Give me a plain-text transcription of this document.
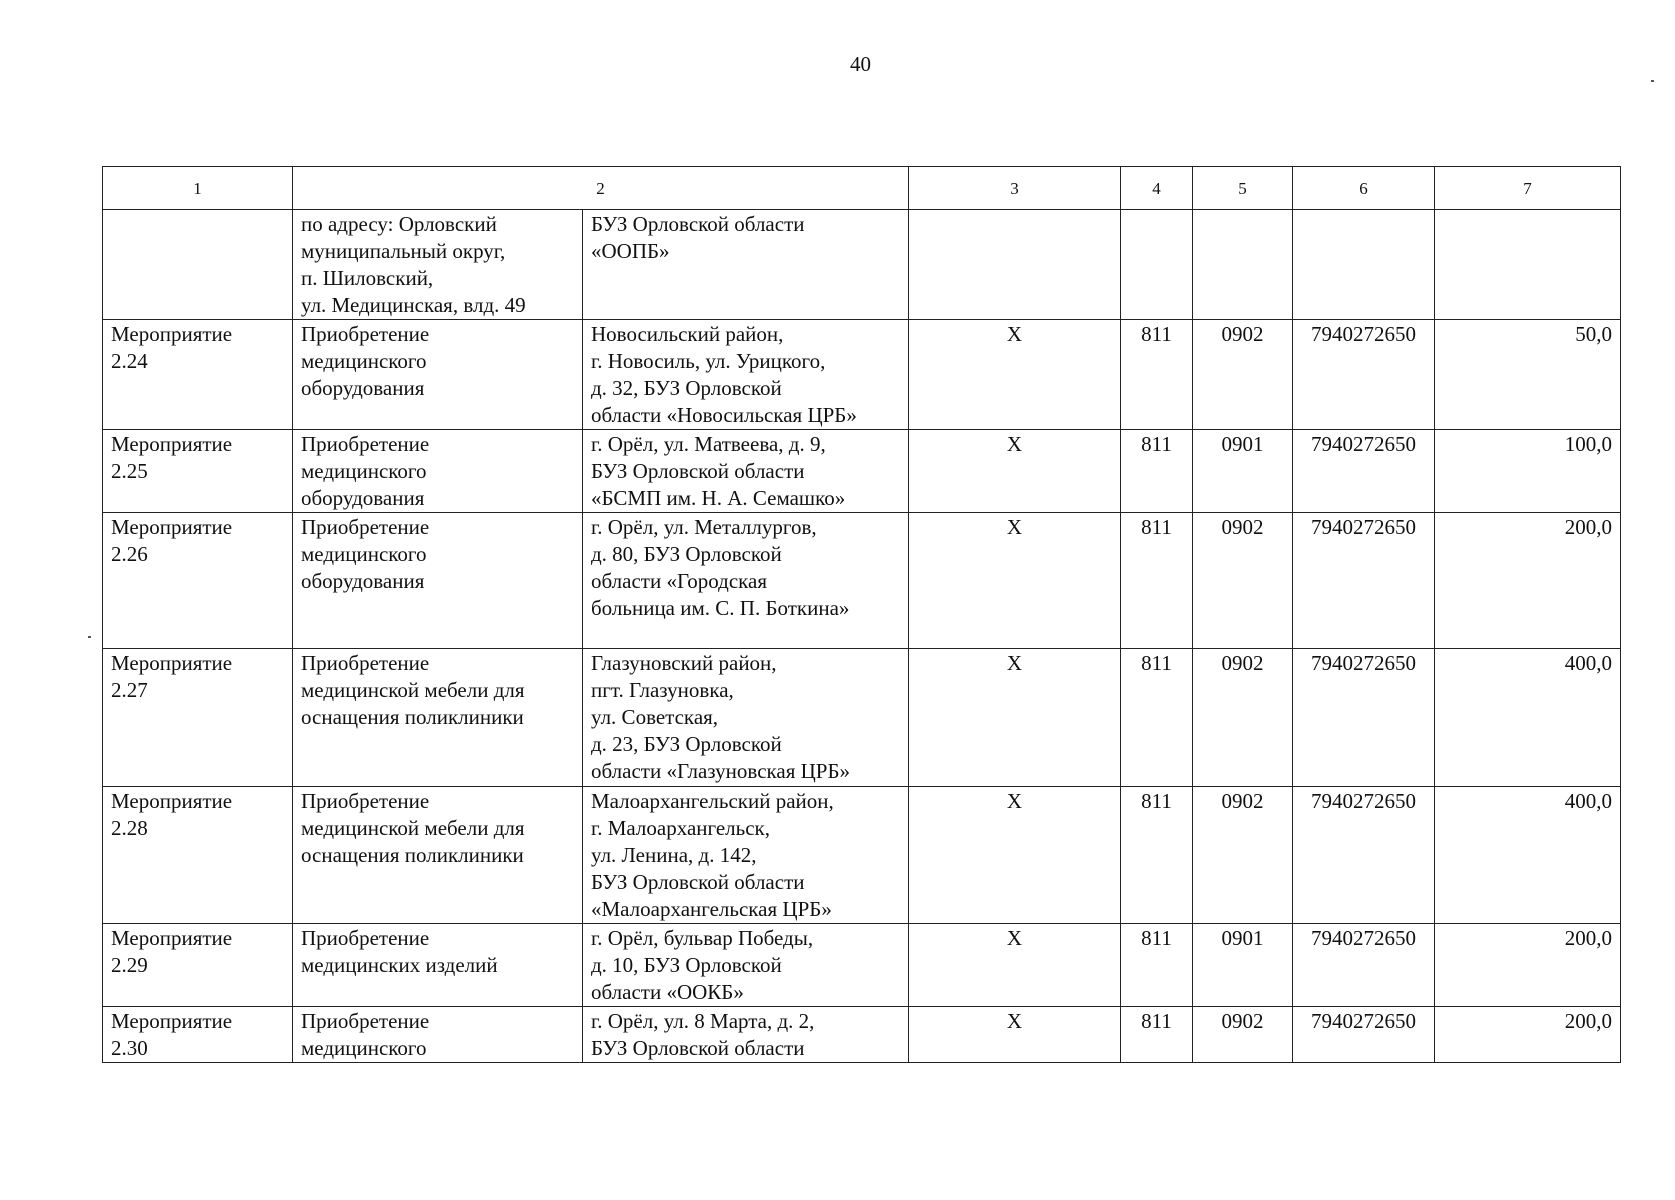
40
1	2		3	4	5	6	7
	по адресу: Орловский
муниципальный округ,
п. Шиловский,
ул. Медицинская, влд. 49	БУЗ Орловской области
«ООПБ»					
Мероприятие
2.24	Приобретение
медицинского
оборудования	Новосильский район,
г. Новосиль, ул. Урицкого,
д. 32, БУЗ Орловской
области «Новосильская ЦРБ»	Х	811	0902	7940272650	50,0
Мероприятие
2.25	Приобретение
медицинского
оборудования	г. Орёл, ул. Матвеева, д. 9,
БУЗ Орловской области
«БСМП им. Н. А. Семашко»	Х	811	0901	7940272650	100,0
Мероприятие
2.26	Приобретение
медицинского
оборудования	г. Орёл, ул. Металлургов,
д. 80, БУЗ Орловской
области «Городская
больница им. С. П. Боткина»	Х	811	0902	7940272650	200,0
Мероприятие
2.27	Приобретение
медицинской мебели для
оснащения поликлиники	Глазуновский район,
пгт. Глазуновка,
ул. Советская,
д. 23, БУЗ Орловской
области «Глазуновская ЦРБ»	Х	811	0902	7940272650	400,0
Мероприятие
2.28	Приобретение
медицинской мебели для
оснащения поликлиники	Малоархангельский район,
г. Малоархангельск,
ул. Ленина, д. 142,
БУЗ Орловской области
«Малоархангельская ЦРБ»	Х	811	0902	7940272650	400,0
Мероприятие
2.29	Приобретение
медицинских изделий	г. Орёл, бульвар Победы,
д. 10, БУЗ Орловской
области «ООКБ»	Х	811	0901	7940272650	200,0
Мероприятие
2.30	Приобретение
медицинского	г. Орёл, ул. 8 Марта, д. 2,
БУЗ Орловской области	Х	811	0902	7940272650	200,0
